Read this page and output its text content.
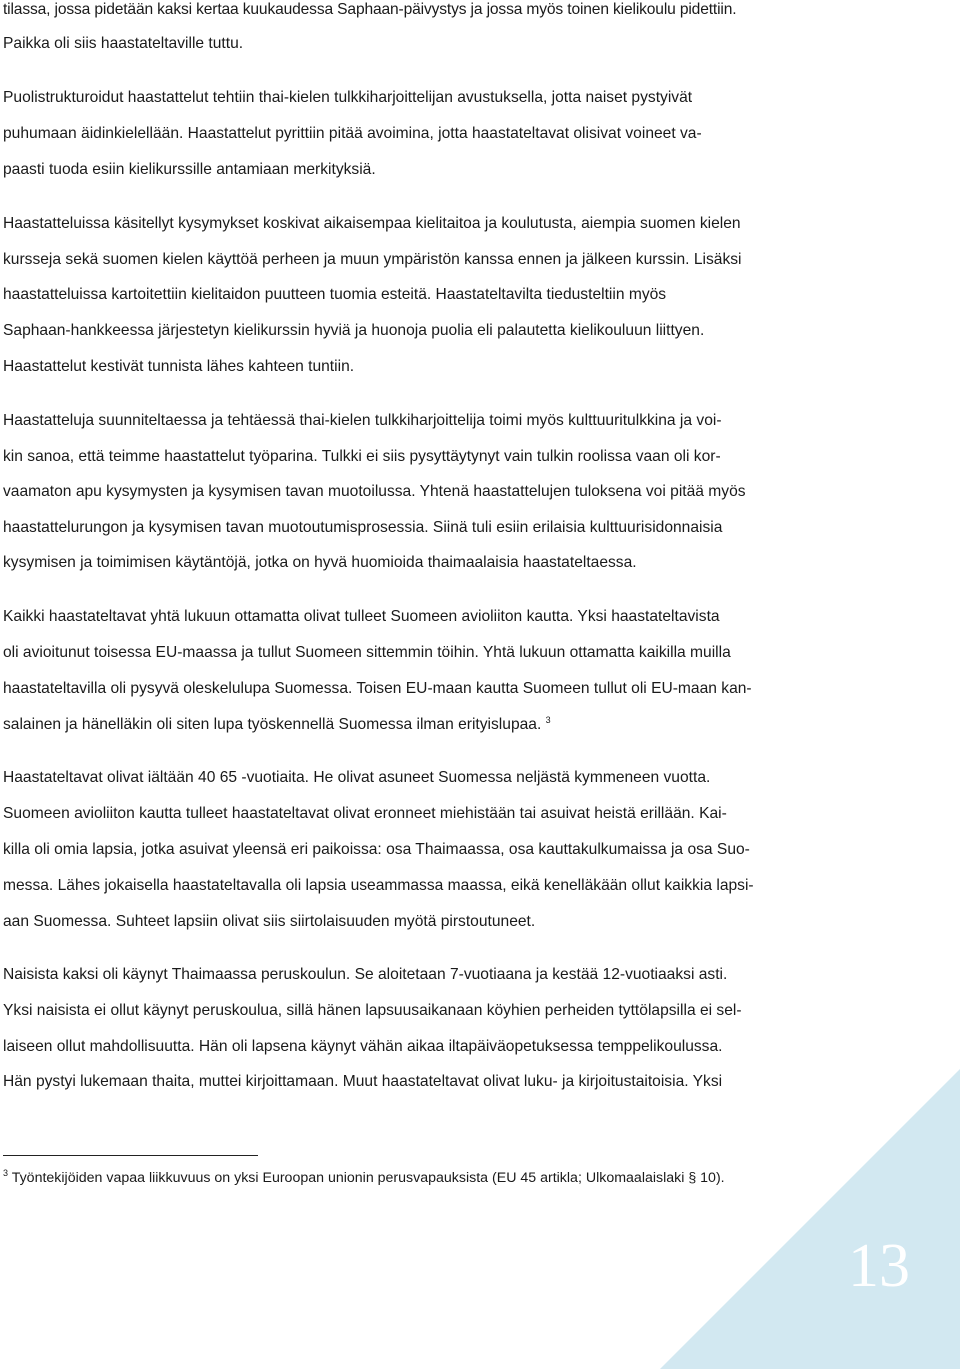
tilassa, jossa pidetään kaksi kertaa kuukaudessa Saphaan-päivystys ja jossa myös toinen kielikoulu pidettiin.
Paikka oli siis haastateltaville tuttu.
Puolistrukturoidut haastattelut tehtiin thai-kielen tulkkiharjoittelijan avustuksella, jotta naiset pystyivät
puhumaan äidinkielellään. Haastattelut pyrittiin pitää avoimina, jotta haastateltavat olisivat voineet va-
paasti tuoda esiin kielikurssille antamiaan merkityksiä.
Haastatteluissa käsitellyt kysymykset koskivat aikaisempaa kielitaitoa ja koulutusta, aiempia suomen kielen
kursseja sekä suomen kielen käyttöä perheen ja muun ympäristön kanssa ennen ja jälkeen kurssin. Lisäksi
haastatteluissa kartoitettiin kielitaidon puutteen tuomia esteitä. Haastateltavilta tiedusteltiin myös
Saphaan-hankkeessa järjestetyn kielikurssin hyviä ja huonoja puolia eli palautetta kielikouluun liittyen.
Haastattelut kestivät tunnista lähes kahteen tuntiin.
Haastatteluja suunniteltaessa ja tehtäessä thai-kielen tulkkiharjoittelija toimi myös kulttuuritulkkina ja voi-
kin sanoa, että teimme haastattelut työparina. Tulkki ei siis pysyttäytynyt vain tulkin roolissa vaan oli kor-
vaamaton apu kysymysten ja kysymisen tavan muotoilussa. Yhtenä haastattelujen tuloksena voi pitää myös
haastattelurungon ja kysymisen tavan muotoutumisprosessia. Siinä tuli esiin erilaisia kulttuurisidonnaisia
kysymisen ja toimimisen käytäntöjä, jotka on hyvä huomioida thaimaalaisia haastateltaessa.
Kaikki haastateltavat yhtä lukuun ottamatta olivat tulleet Suomeen avioliiton kautta. Yksi haastateltavista
oli avioitunut toisessa EU-maassa ja tullut Suomeen sittemmin töihin. Yhtä lukuun ottamatta kaikilla muilla
haastateltavilla oli pysyvä oleskelulupa Suomessa. Toisen EU-maan kautta Suomeen tullut oli EU-maan kan-
salainen ja hänelläkin oli siten lupa työskennellä Suomessa ilman erityislupaa. $^3$
Haastateltavat olivat iältään 40 65 -vuotiaita. He olivat asuneet Suomessa neljästä kymmeneen vuotta.
Suomeen avioliiton kautta tulleet haastateltavat olivat eronneet miehistään tai asuivat heistä erillään. Kai-
killa oli omia lapsia, jotka asuivat yleensä eri paikoissa: osa Thaimaassa, osa kauttakulkumaissa ja osa Suo-
messa. Lähes jokaisella haastateltavalla oli lapsia useammassa maassa, eikä kenelläkään ollut kaikkia lapsi-
aan Suomessa. Suhteet lapsiin olivat siis siirtolaisuuden myötä pirstoutuneet.
Naisista kaksi oli käynyt Thaimaassa peruskoulun. Se aloitetaan 7-vuotiaana ja kestää 12-vuotiaaksi asti.
Yksi naisista ei ollut käynyt peruskoulua, sillä hänen lapsuusaikanaan köyhien perheiden tyttölapsilla ei sel-
laiseen ollut mahdollisuutta. Hän oli lapsena käynyt vähän aikaa iltapäiväopetuksessa temppelikoulussa.
Hän pystyi lukemaan thaita, muttei kirjoittamaan. Muut haastateltavat olivat luku- ja kirjoitustaitoisia. Yksi
$^3$ Työntekijöiden vapaa liikkuvuus on yksi Euroopan unionin perusvapauksista (EU 45 artikla; Ulkomaalaislaki § 10).
13
